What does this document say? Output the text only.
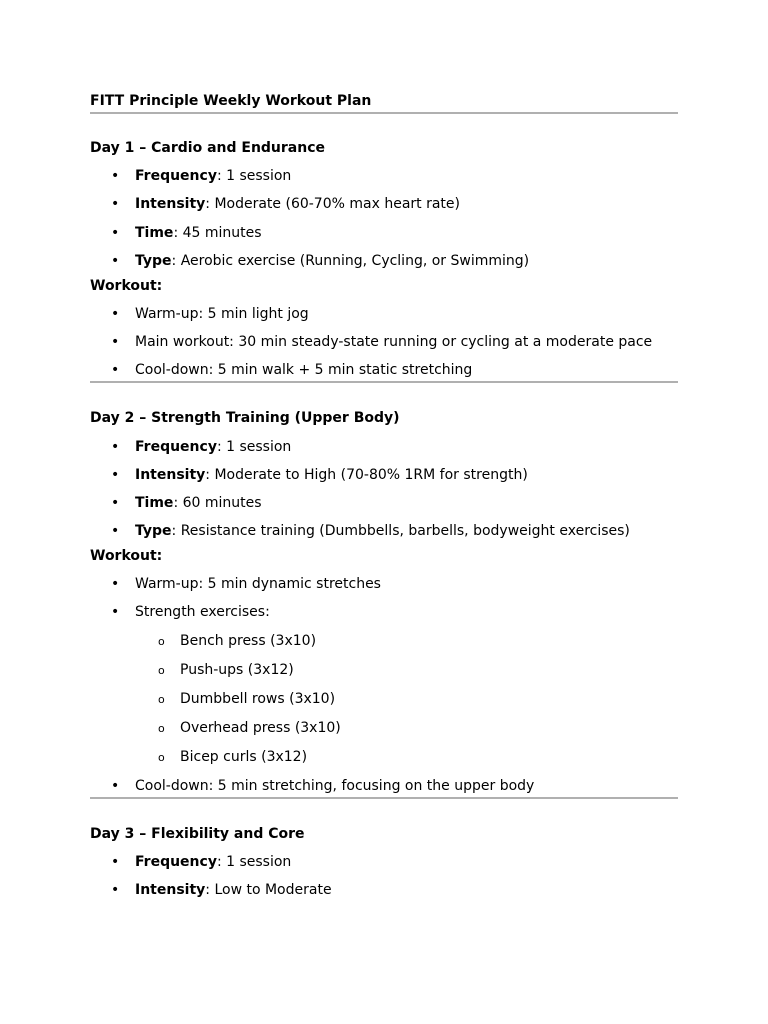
FITT Principle Weekly Workout Plan
Day 1 – Cardio and Endurance
• Frequency: 1 session
• Intensity: Moderate (60-70% max heart rate)
• Time: 45 minutes
• Type: Aerobic exercise (Running, Cycling, or Swimming)
Workout:
• Warm-up: 5 min light jog
• Main workout: 30 min steady-state running or cycling at a moderate pace
• Cool-down: 5 min walk + 5 min static stretching
Day 2 – Strength Training (Upper Body)
• Frequency: 1 session
• Intensity: Moderate to High (70-80% 1RM for strength)
• Time: 60 minutes
• Type: Resistance training (Dumbbells, barbells, bodyweight exercises)
Workout:
• Warm-up: 5 min dynamic stretches
• Strength exercises:
o Bench press (3x10)
o Push-ups (3x12)
o Dumbbell rows (3x10)
o Overhead press (3x10)
o Bicep curls (3x12)
• Cool-down: 5 min stretching, focusing on the upper body
Day 3 – Flexibility and Core
• Frequency: 1 session
• Intensity: Low to Moderate
